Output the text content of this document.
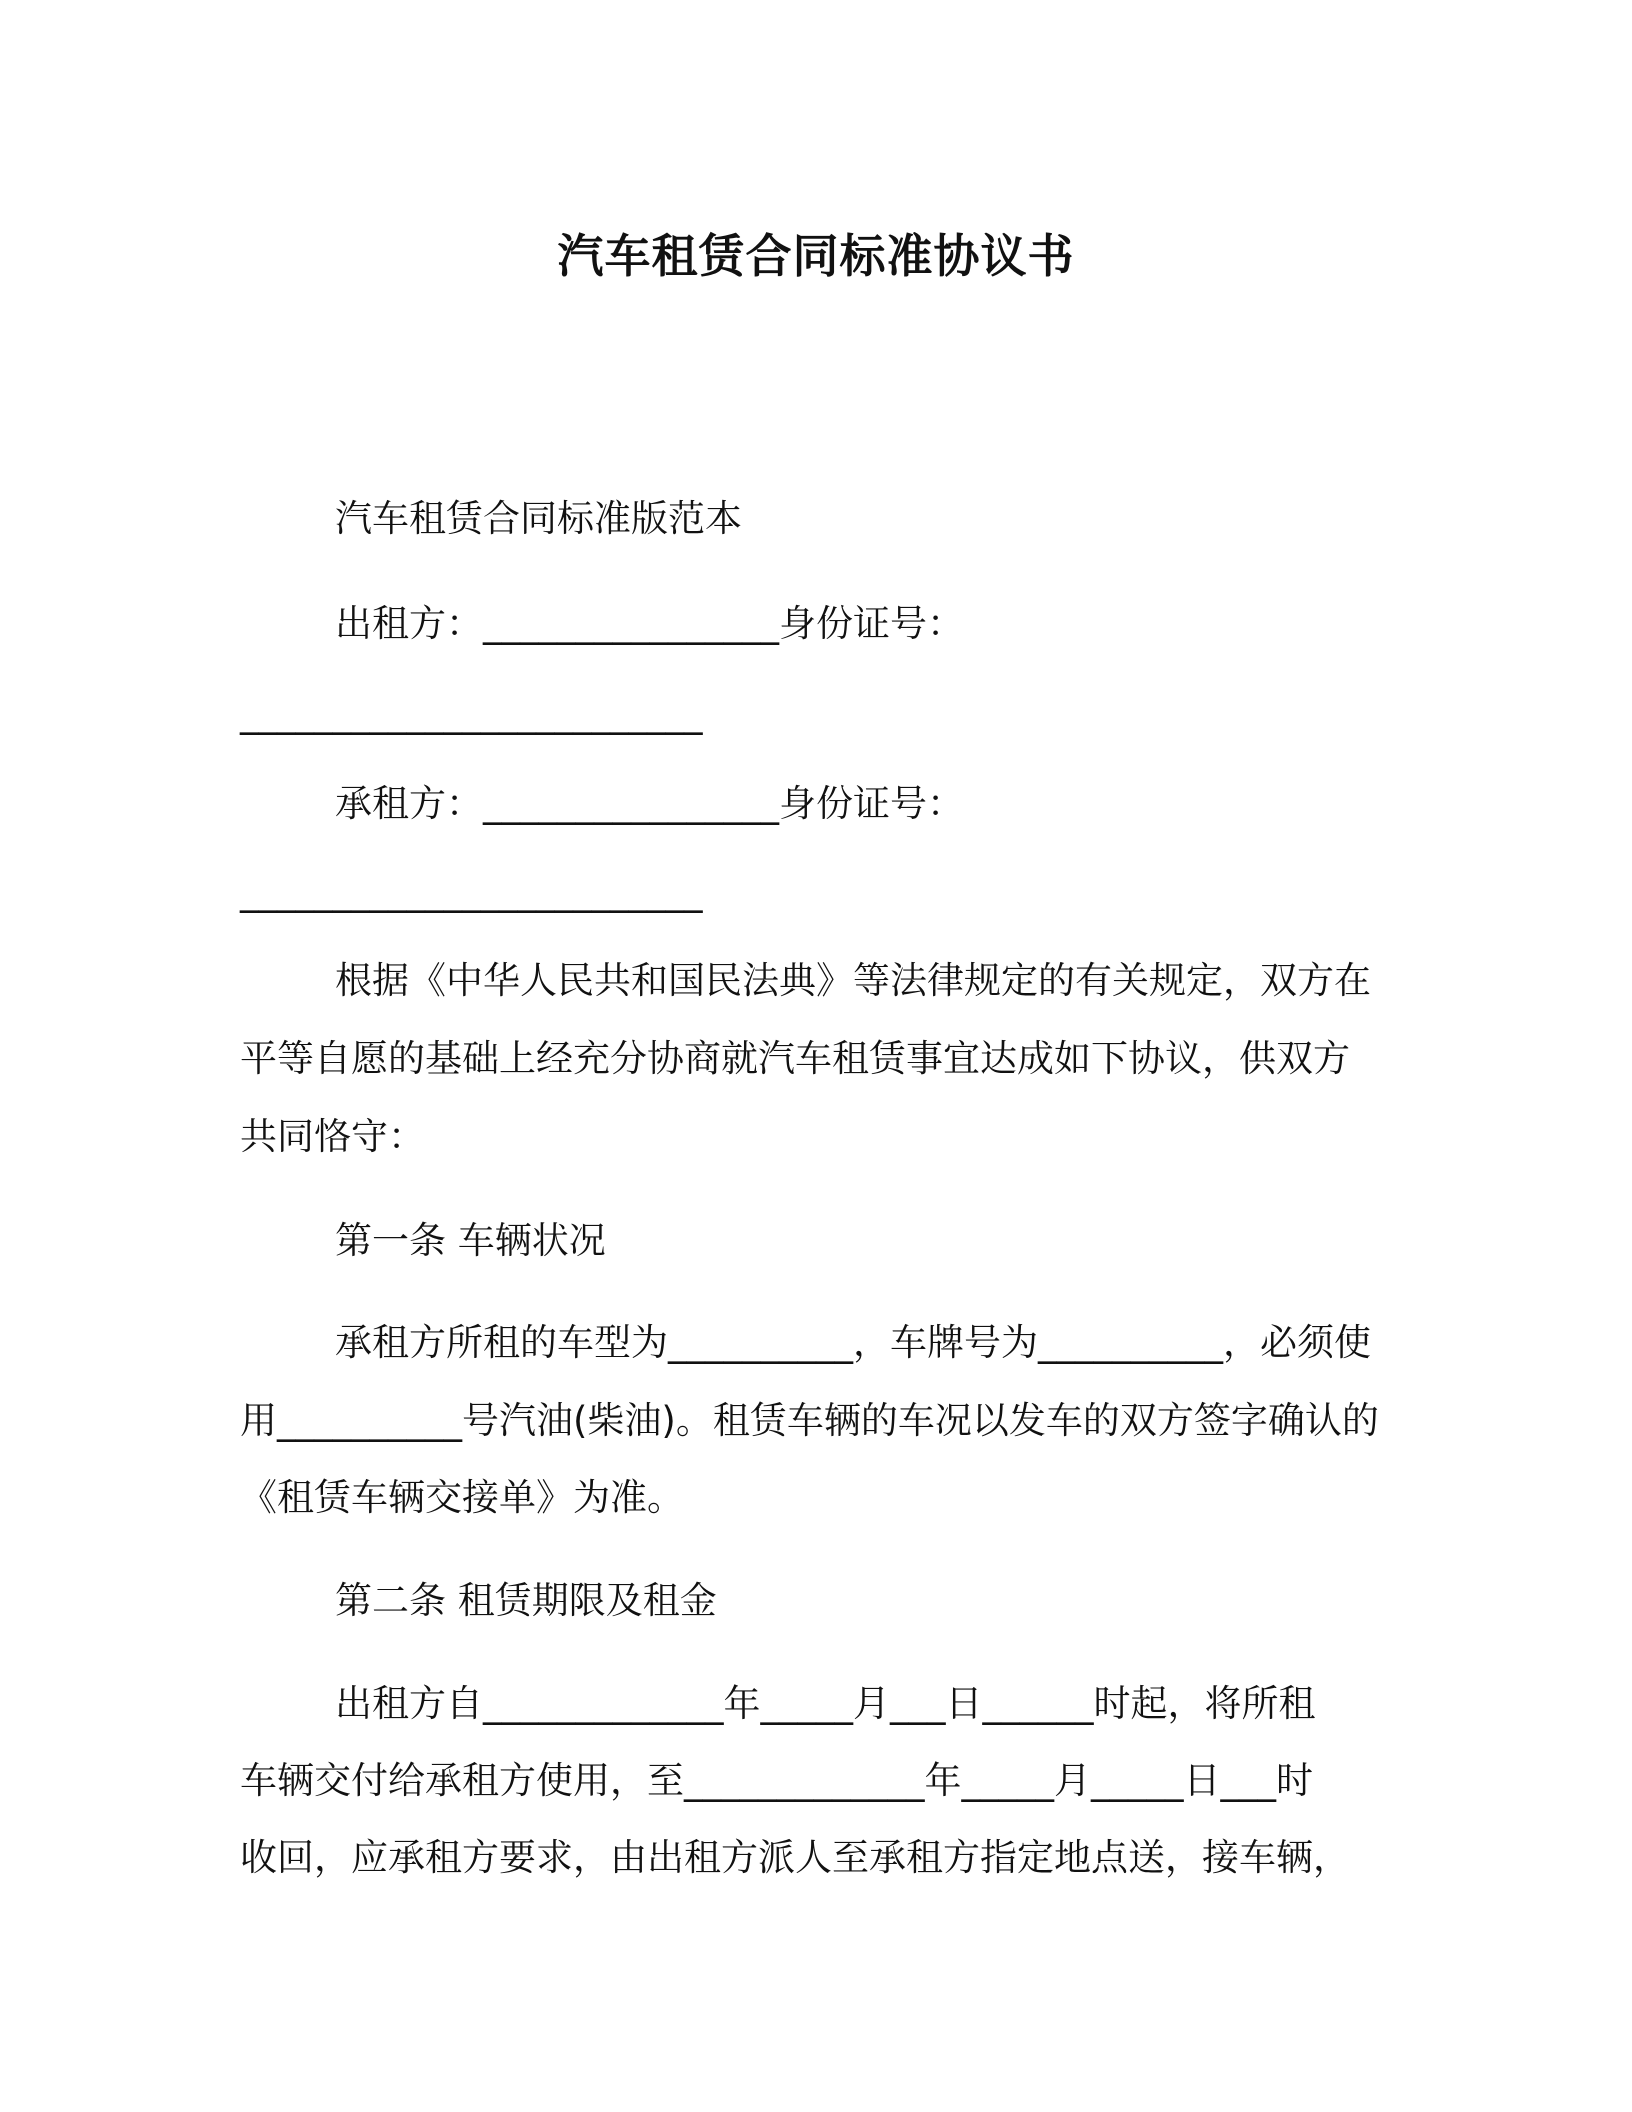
汽车租赁合同标准协议书
汽车租赁合同标准版范本
出租方：________________身份证号：
_________________________
承租方：________________身份证号：
_________________________
根据《中华人民共和国民法典》等法律规定的有关规定，双方在
平等自愿的基础上经充分协商就汽车租赁事宜达成如下协议，供双方
共同恪守：
第一条 车辆状况
承租方所租的车型为__________，车牌号为__________，必须使
用__________号汽油(柴油)。租赁车辆的车况以发车的双方签字确认的
《租赁车辆交接单》为准。
第二条 租赁期限及租金
出租方自_____________年_____月___日______时起，将所租
车辆交付给承租方使用，至_____________年_____月_____日___时
收回，应承租方要求，由出租方派人至承租方指定地点送，接车辆，
